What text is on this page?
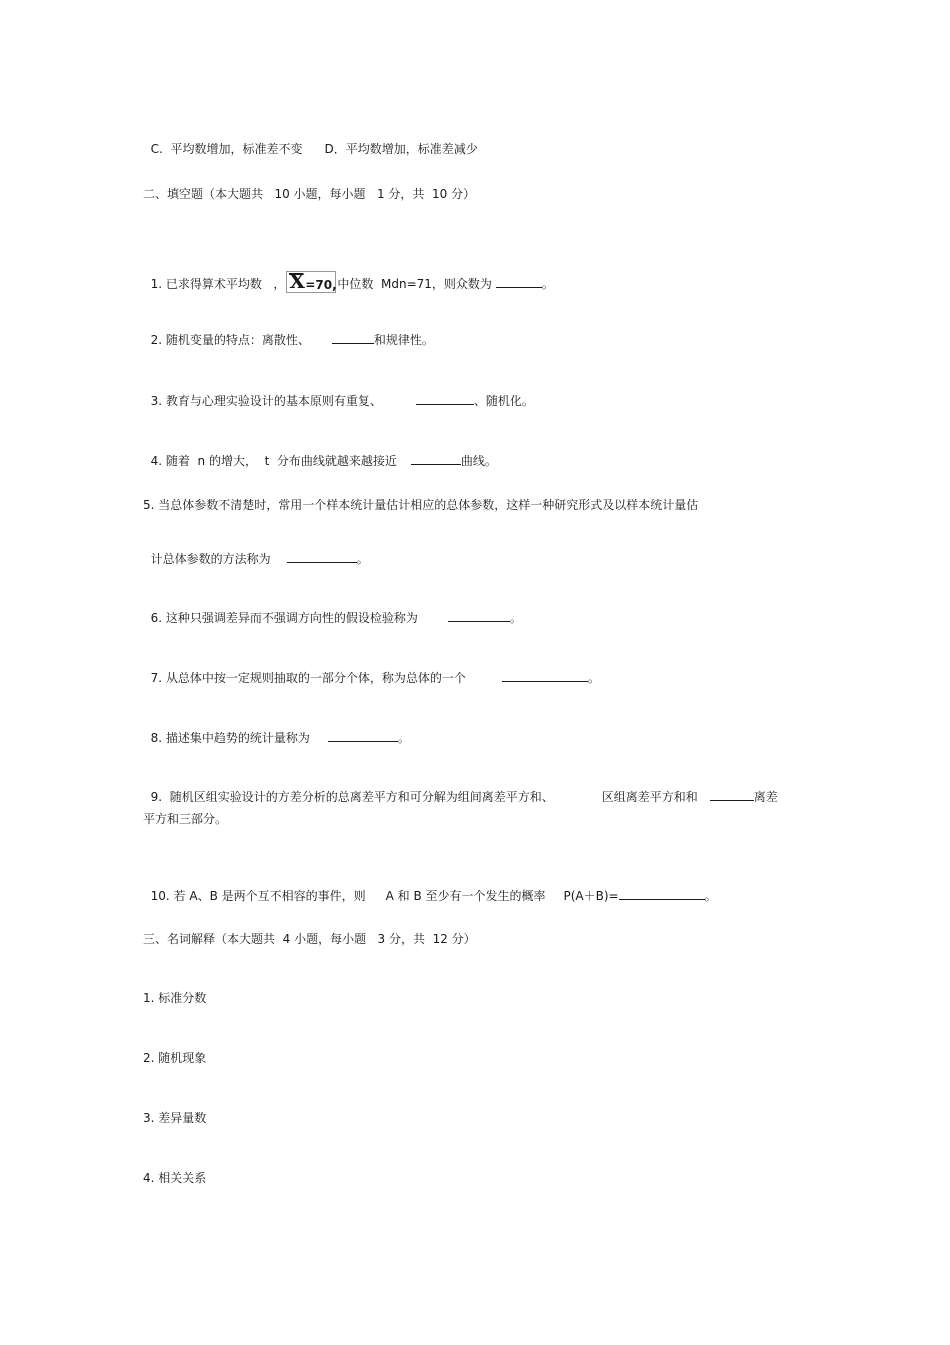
C.  平均数增加，标准差不变 D．平均数增加，标准差减少

二、填空题（本大题共   10 小题，每小题   1 分，共  10 分）

1. 已求得算术平均数   ， X =70, 中位数  Mdn=71，则众数为	。

2. 随机变量的特点：离散性、	和规律性。

3. 教育与心理实验设计的基本原则有重复、	、随机化。

4. 随着  n 的增大，  t  分布曲线就越来越接近	曲线。

5. 当总体参数不清楚时，常用一个样本统计量估计相应的总体参数，这样一种研究形式及以样本统计量估

计总体参数的方法称为	。

6. 这种只强调差异而不强调方向性的假设检验称为	。

7. 从总体中按一定规则抽取的一部分个体，称为总体的一个	。

8. 描述集中趋势的统计量称为	。

9.  随机区组实验设计的方差分析的总离差平方和可分解为组间离差平方和、	区组离差平方和和	离差

平方和三部分。

10. 若 A、B 是两个互不相容的事件，则 A 和 B 至少有一个发生的概率 P(A＋B)=	。

三、名词解释（本大题共  4 小题，每小题   3 分，共  12 分）
1. 标准分数
2. 随机现象
3. 差异量数
4. 相关关系
